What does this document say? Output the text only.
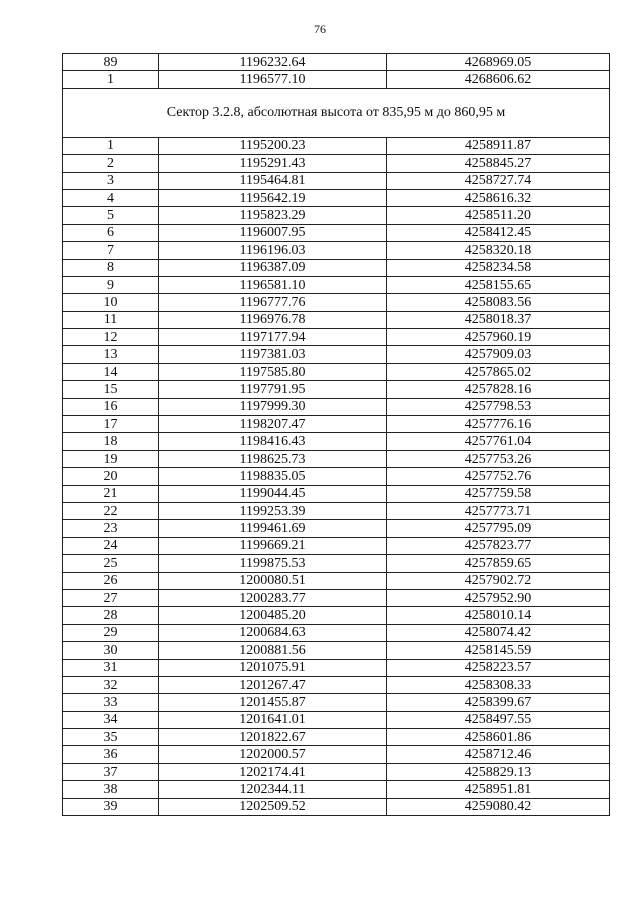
76
89	1196232.64	4268969.05
1	1196577.10	4268606.62
Сектор 3.2.8, абсолютная высота от 835,95 м до 860,95 м		
1	1195200.23	4258911.87
2	1195291.43	4258845.27
3	1195464.81	4258727.74
4	1195642.19	4258616.32
5	1195823.29	4258511.20
6	1196007.95	4258412.45
7	1196196.03	4258320.18
8	1196387.09	4258234.58
9	1196581.10	4258155.65
10	1196777.76	4258083.56
11	1196976.78	4258018.37
12	1197177.94	4257960.19
13	1197381.03	4257909.03
14	1197585.80	4257865.02
15	1197791.95	4257828.16
16	1197999.30	4257798.53
17	1198207.47	4257776.16
18	1198416.43	4257761.04
19	1198625.73	4257753.26
20	1198835.05	4257752.76
21	1199044.45	4257759.58
22	1199253.39	4257773.71
23	1199461.69	4257795.09
24	1199669.21	4257823.77
25	1199875.53	4257859.65
26	1200080.51	4257902.72
27	1200283.77	4257952.90
28	1200485.20	4258010.14
29	1200684.63	4258074.42
30	1200881.56	4258145.59
31	1201075.91	4258223.57
32	1201267.47	4258308.33
33	1201455.87	4258399.67
34	1201641.01	4258497.55
35	1201822.67	4258601.86
36	1202000.57	4258712.46
37	1202174.41	4258829.13
38	1202344.11	4258951.81
39	1202509.52	4259080.42
